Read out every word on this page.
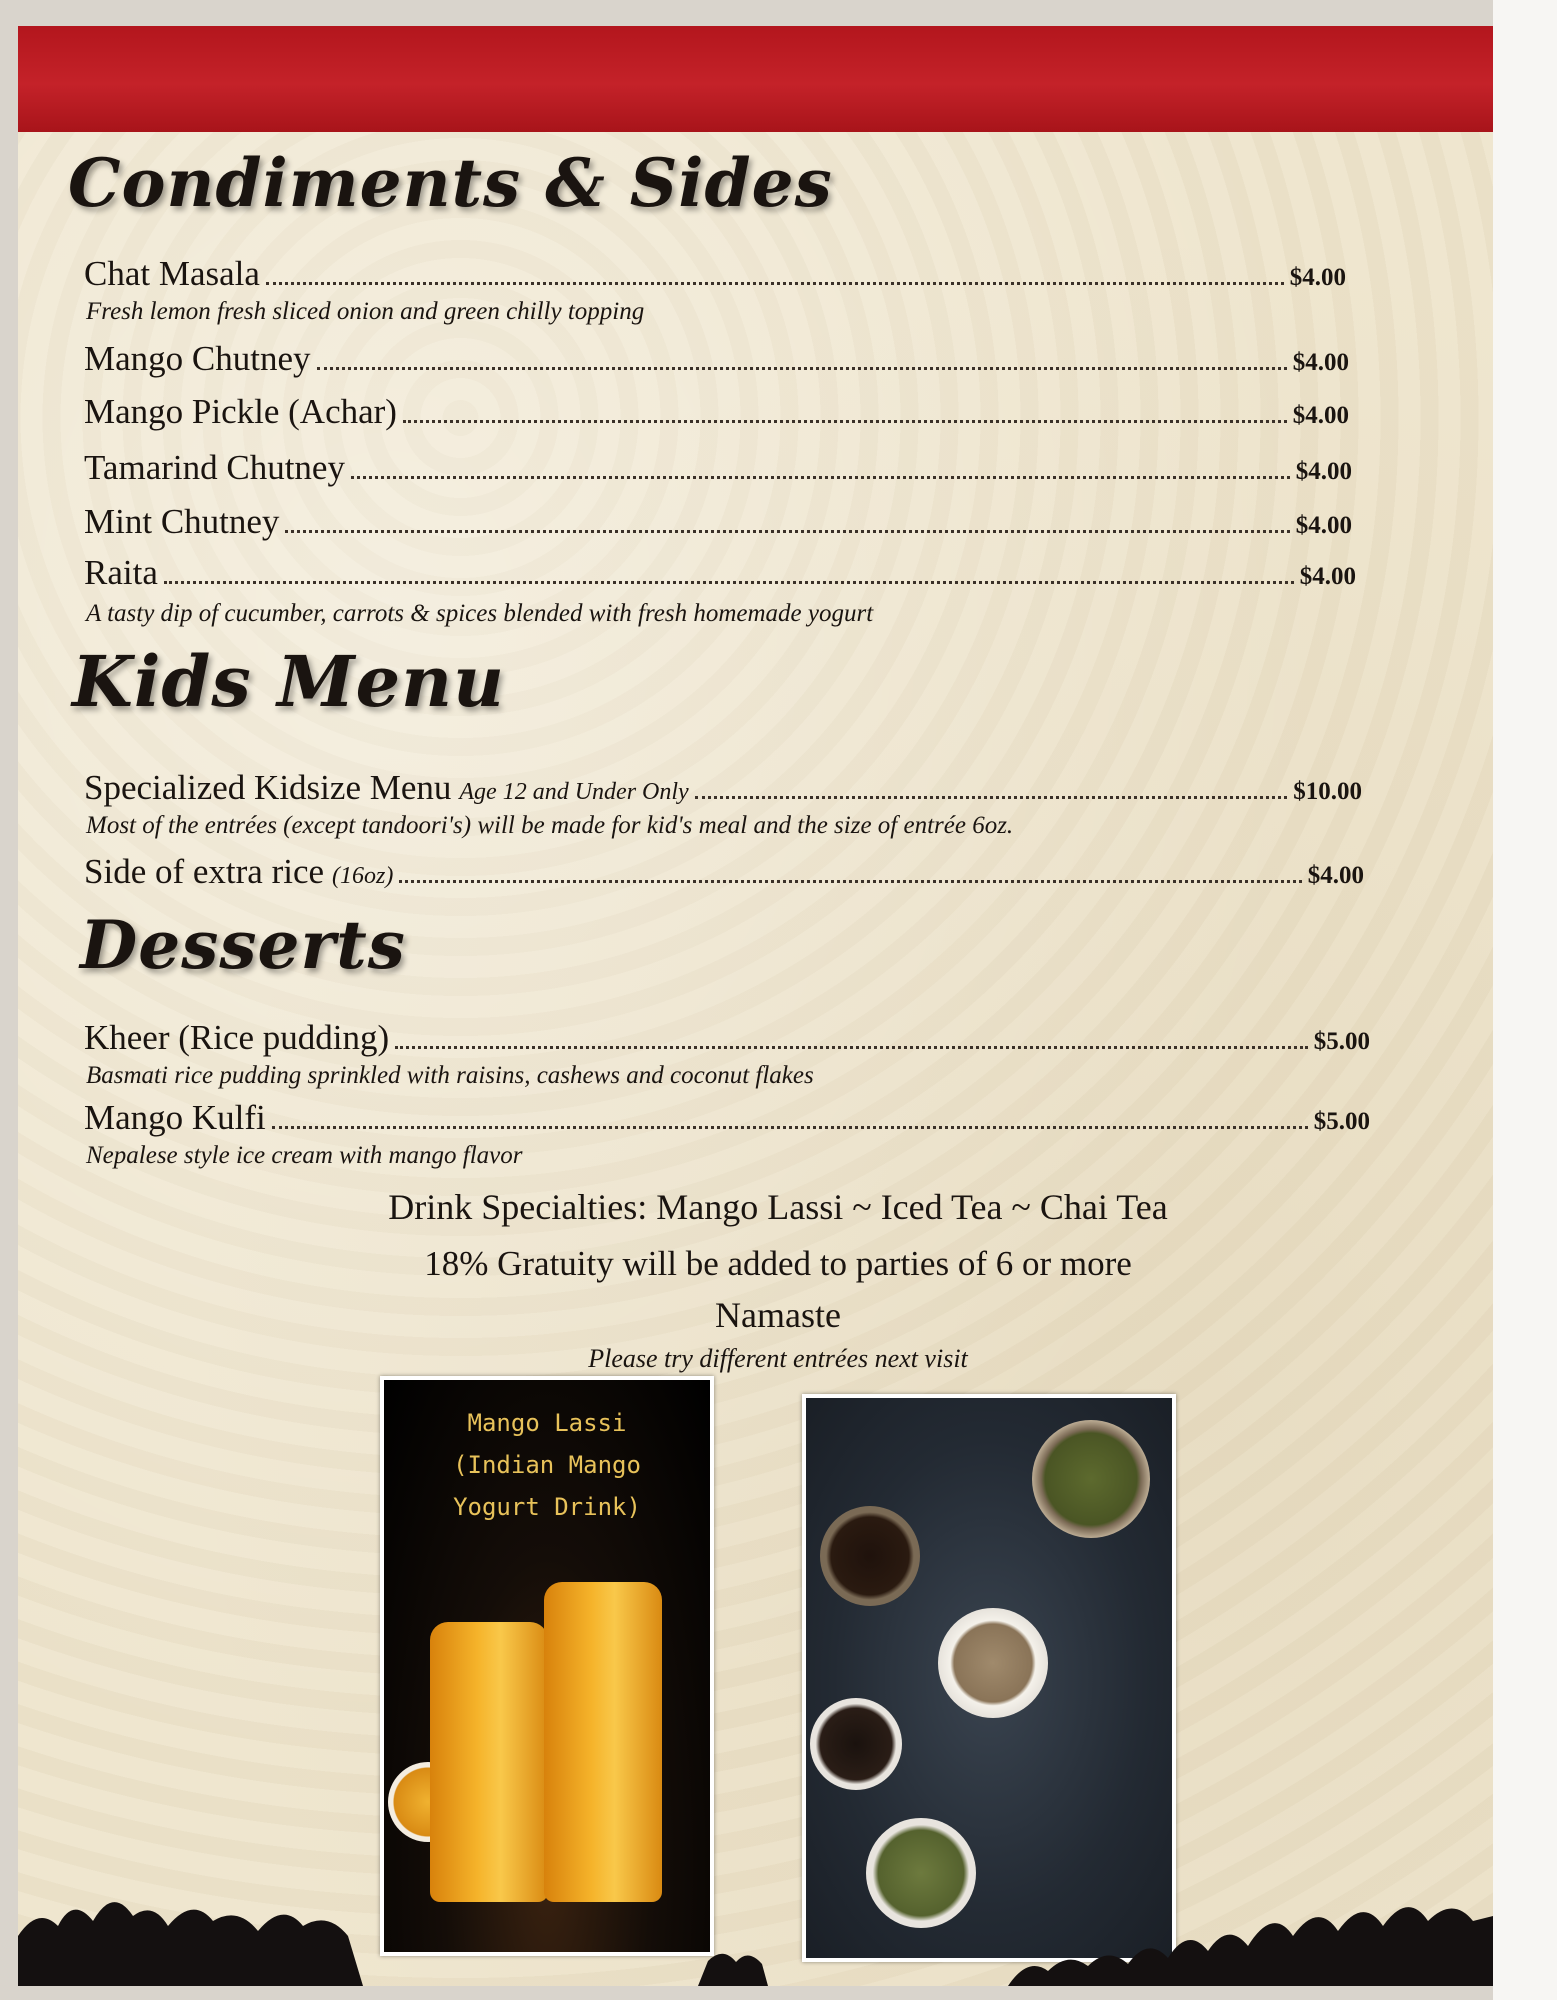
Condiments & Sides
Chat Masala	$4.00
Fresh lemon fresh sliced onion and green chilly topping
Mango Chutney	$4.00
Mango Pickle (Achar)	$4.00
Tamarind Chutney	$4.00
Mint Chutney	$4.00
Raita	$4.00
A tasty dip of cucumber, carrots & spices blended with fresh homemade yogurt
Kids Menu
Specialized Kidsize Menu Age 12 and Under Only	$10.00
Most of the entrées (except tandoori's) will be made for kid's meal and the size of entrée 6oz.
Side of extra rice (16oz)	$4.00
Desserts
Kheer (Rice pudding)	$5.00
Basmati rice pudding sprinkled with raisins, cashews and coconut flakes
Mango Kulfi	$5.00
Nepalese style ice cream with mango flavor
Drink Specialties: Mango Lassi ~ Iced Tea ~ Chai Tea
18% Gratuity will be added to parties of 6 or more
Namaste
Please try different entrées next visit
Mango Lassi
(Indian Mango
Yogurt Drink)
